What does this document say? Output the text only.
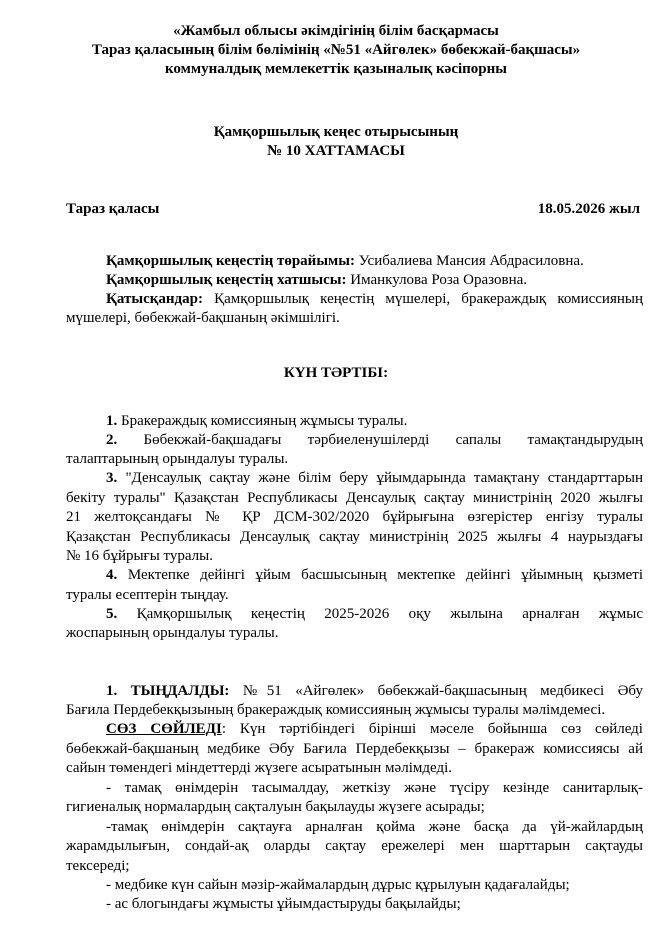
«Жамбыл облысы әкімдігінің білім басқармасы
Тараз қаласының білім бөлімінің «№51 «Айгөлек» бөбекжай-бақшасы»
коммуналдық мемлекеттік қазыналық кәсіпорны
Қамқоршылық кеңес отырысының
№ 10 ХАТТАМАСЫ
Тараз қаласы	18.05.2026 жыл
Қамқоршылық кеңестің төрайымы: Усибалиева Мансия Абдрасиловна.
Қамқоршылық кеңестің хатшысы: Иманкулова Роза Оразовна.
Қатысқандар: Қамқоршылық кеңестің мүшелері, бракераждық комиссияның
мүшелері, бөбекжай-бақшаның әкімшілігі.
КҮН ТӘРТІБІ:
1. Бракераждық комиссияның жұмысы туралы.
2. Бөбекжай-бақшадағы тәрбиеленушілерді сапалы тамақтандырудың
талаптарының орындалуы туралы.
3. "Денсаулық сақтау және білім беру ұйымдарында тамақтану стандарттарын
бекіту туралы" Қазақстан Республикасы Денсаулық сақтау министрінің 2020 жылғы
21 желтоқсандағы № ҚР ДСМ-302/2020 бұйрығына өзгерістер енгізу туралы
Қазақстан Республикасы Денсаулық сақтау министрінің 2025 жылғы 4 наурыздағы
№ 16 бұйрығы туралы.
4. Мектепке дейінгі ұйым басшысының мектепке дейінгі ұйымның қызметі
туралы есептерін тыңдау.
5. Қамқоршылық кеңестің 2025-2026 оқу жылына арналған жұмыс
жоспарының орындалуы туралы.
1. ТЫҢДАЛДЫ: №51 «Айгөлек» бөбекжай-бақшасының медбикесі Әбу
Бағила Пердебекқызының бракераждық комиссияның жұмысы туралы мәлімдемесі.
СӨЗ СӨЙЛЕДІ: Күн тәртібіндегі бірінші мәселе бойынша сөз сөйледі
бөбекжай-бақшаның медбике Әбу Бағила Пердебекқызы – бракераж комиссиясы ай
сайын төмендегі міндеттерді жүзеге асыратынын мәлімдеді.
- тамақ өнімдерін тасымалдау, жеткізу және түсіру кезінде санитарлық-
гигиеналық нормалардың сақталуын бақылауды жүзеге асырады;
-тамақ өнімдерін сақтауға арналған қойма және басқа да үй-жайлардың
жарамдылығын, сондай-ақ оларды сақтау ережелері мен шарттарын сақтауды
тексереді;
- медбике күн сайын мәзір-жаймалардың дұрыс құрылуын қадағалайды;
- ас блогындағы жұмысты ұйымдастыруды бақылайды;
